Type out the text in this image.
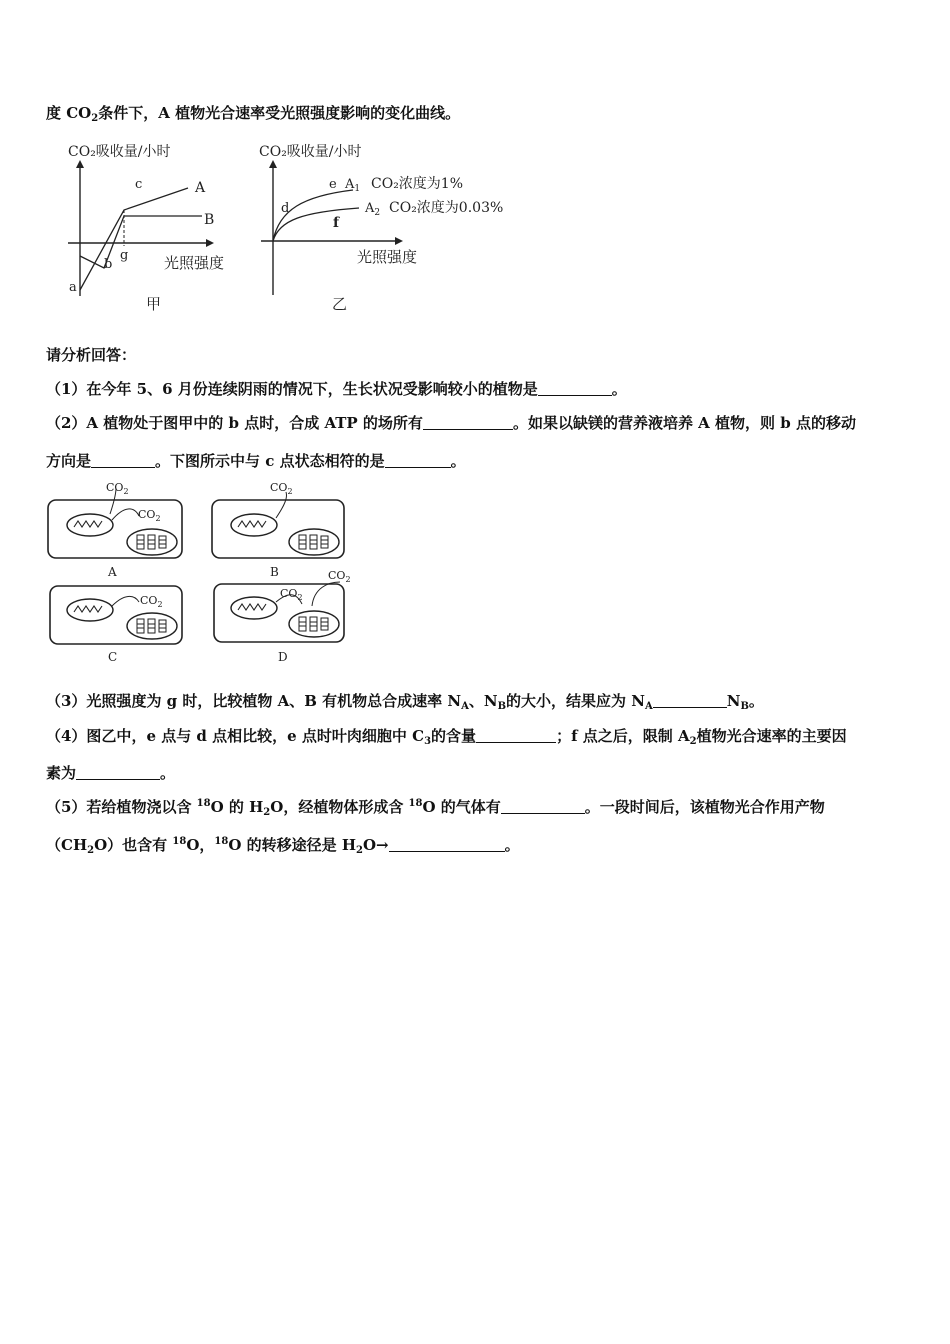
度 $CO_2$条件下，A 植物光合速率受光照强度影响的变化曲线。
CO₂吸收量/小时
A
B
c
g
b
a
光照强度
甲
CO₂吸收量/小时
e
d
f
$A_1$ CO₂浓度为1%
$A_2$ CO₂浓度为0.03%
光照强度
乙
请分析回答：
（1）在今年 5、6 月份连续阴雨的情况下，生长状况受影响较小的植物是	。
（2）A 植物处于图甲中的 b 点时，合成 ATP 的场所有	。如果以缺镁的营养液培养 A 植物，则 b 点的移动
方向是	。下图所示中与 c 点状态相符的是	。
$CO_2$
$CO_2$
A
$CO_2$
B
$CO_2$
C
$CO_2$
$CO_2$
D
（3）光照强度为 g 时，比较植物 A、B 有机物总合成速率 $N_A$、$N_B$的大小，结果应为 $N_A$	$N_B$。
（4）图乙中，e 点与 d 点相比较，e 点时叶肉细胞中 $C_3$的含量	；f 点之后，限制 $A_2$植物光合速率的主要因
素为	。
（5）若给植物浇以含 $^{18}$O 的 $H_2O$，经植物体形成含 $^{18}$O 的气体有	。一段时间后，该植物光合作用产物
$(CH_2O)$也含有 $^{18}$O，$^{18}$O 的转移途径是 $H_2O\to$	。
